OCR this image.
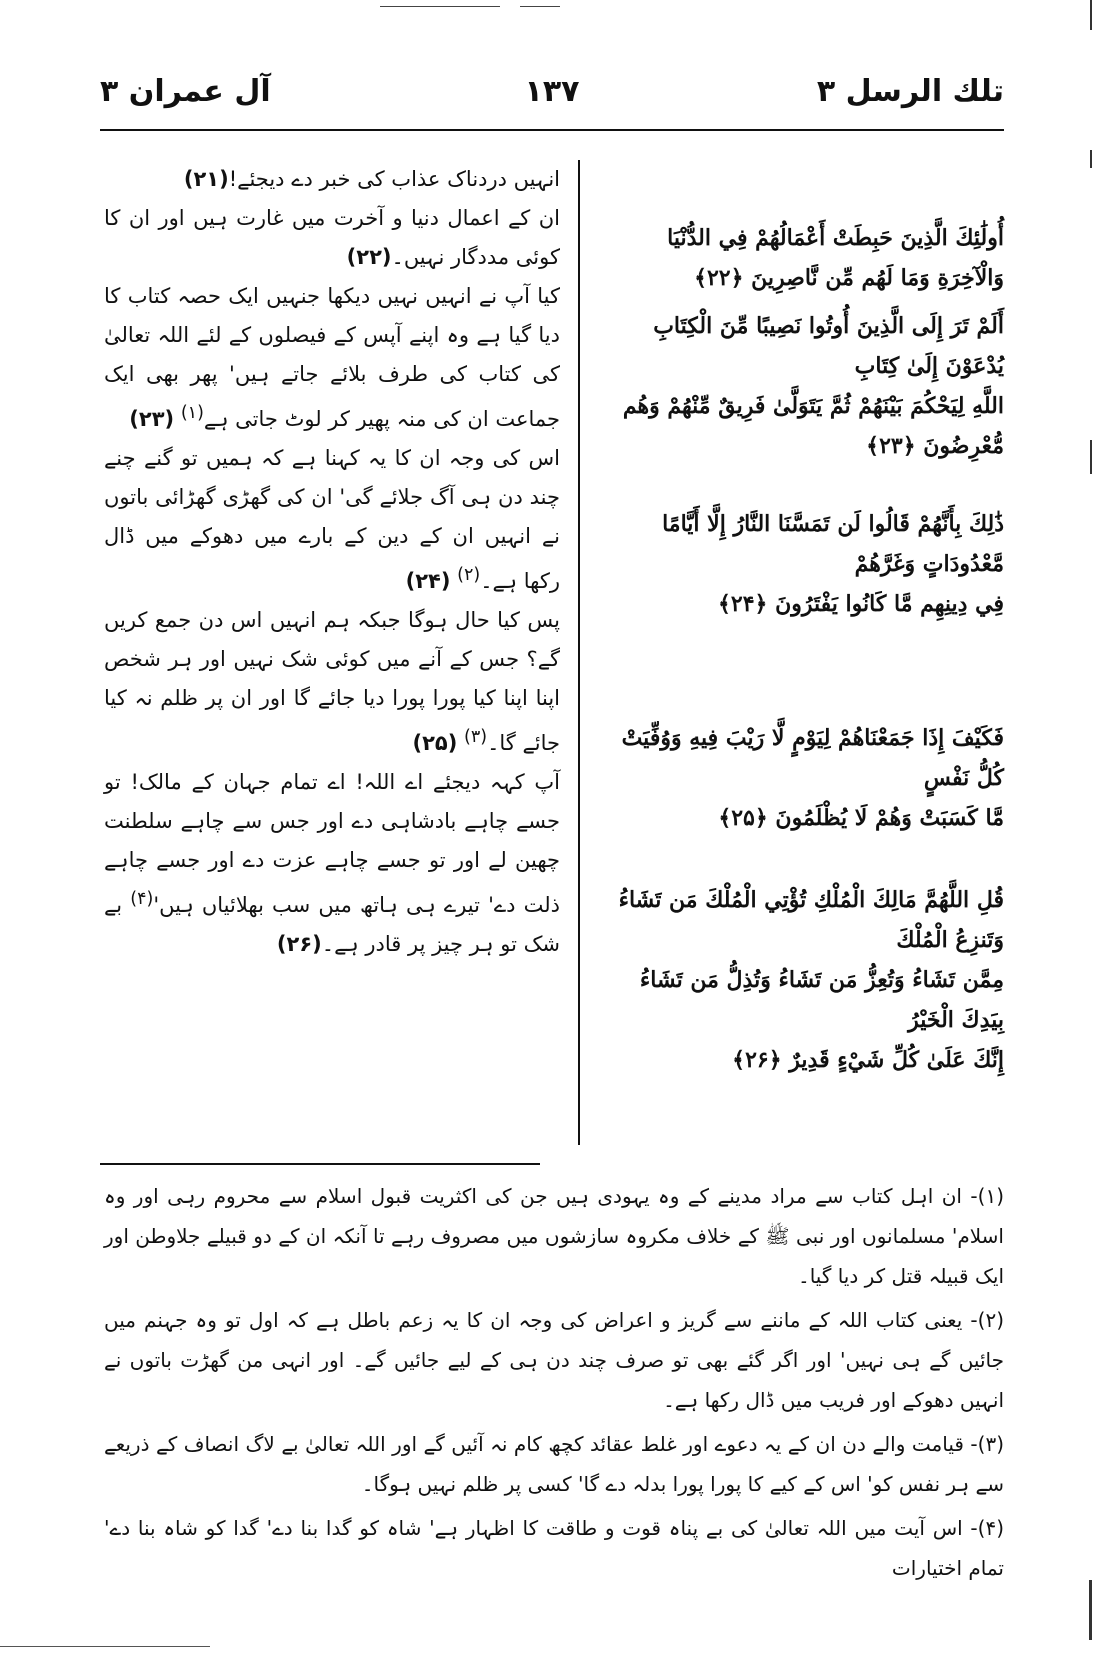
آل عمران ۳	۱۳۷	تلك الرسل ۳
أُولَٰئِكَ الَّذِينَ حَبِطَتْ أَعْمَالُهُمْ فِي الدُّنْيَا
وَالْآخِرَةِ وَمَا لَهُم مِّن نَّاصِرِينَ ﴿۲۲﴾
أَلَمْ تَرَ إِلَى الَّذِينَ أُوتُوا نَصِيبًا مِّنَ الْكِتَابِ يُدْعَوْنَ إِلَىٰ كِتَابِ
اللَّهِ لِيَحْكُمَ بَيْنَهُمْ ثُمَّ يَتَوَلَّىٰ فَرِيقٌ مِّنْهُمْ وَهُم مُّعْرِضُونَ ﴿۲۳﴾
ذَٰلِكَ بِأَنَّهُمْ قَالُوا لَن تَمَسَّنَا النَّارُ إِلَّا أَيَّامًا مَّعْدُودَاتٍ وَغَرَّهُمْ
فِي دِينِهِم مَّا كَانُوا يَفْتَرُونَ ﴿۲۴﴾
فَكَيْفَ إِذَا جَمَعْنَاهُمْ لِيَوْمٍ لَّا رَيْبَ فِيهِ وَوُفِّيَتْ كُلُّ نَفْسٍ
مَّا كَسَبَتْ وَهُمْ لَا يُظْلَمُونَ ﴿۲۵﴾
قُلِ اللَّهُمَّ مَالِكَ الْمُلْكِ تُؤْتِي الْمُلْكَ مَن تَشَاءُ وَتَنزِعُ الْمُلْكَ
مِمَّن تَشَاءُ وَتُعِزُّ مَن تَشَاءُ وَتُذِلُّ مَن تَشَاءُ بِيَدِكَ الْخَيْرُ
إِنَّكَ عَلَىٰ كُلِّ شَيْءٍ قَدِيرٌ ﴿۲۶﴾

انہیں دردناک عذاب کی خبر دے دیجئے!(۲۱)

ان کے اعمال دنیا و آخرت میں غارت ہیں اور ان کا کوئی مددگار نہیں۔(۲۲)

کیا آپ نے انہیں نہیں دیکھا جنہیں ایک حصہ کتاب کا دیا گیا ہے وہ اپنے آپس کے فیصلوں کے لئے اللہ تعالیٰ کی کتاب کی طرف بلائے جاتے ہیں' پھر بھی ایک جماعت ان کی منہ پھیر کر لوٹ جاتی ہے$^{(۱)}$ (۲۳)

اس کی وجہ ان کا یہ کہنا ہے کہ ہمیں تو گنے چنے چند دن ہی آگ جلائے گی' ان کی گھڑی گھڑائی باتوں نے انہیں ان کے دین کے بارے میں دھوکے میں ڈال رکھا ہے۔$^{(۲)}$ (۲۴)

پس کیا حال ہوگا جبکہ ہم انہیں اس دن جمع کریں گے؟ جس کے آنے میں کوئی شک نہیں اور ہر شخص اپنا اپنا کیا پورا پورا دیا جائے گا اور ان پر ظلم نہ کیا جائے گا۔$^{(۳)}$ (۲۵)

آپ کہہ دیجئے اے اللہ! اے تمام جہان کے مالک! تو جسے چاہے بادشاہی دے اور جس سے چاہے سلطنت چھین لے اور تو جسے چاہے عزت دے اور جسے چاہے ذلت دے' تیرے ہی ہاتھ میں سب بھلائیاں $ہیں'^{(۴)}$ بے شک تو ہر چیز پر قادر ہے۔(۲۶)

(۱)- ان اہل کتاب سے مراد مدینے کے وہ یہودی ہیں جن کی اکثریت قبول اسلام سے محروم رہی اور وہ اسلام' مسلمانوں اور نبی ﷺ کے خلاف مکروہ سازشوں میں مصروف رہے تا آنکہ ان کے دو قبیلے جلاوطن اور ایک قبیلہ قتل کر دیا گیا۔

(۲)- یعنی کتاب اللہ کے ماننے سے گریز و اعراض کی وجہ ان کا یہ زعم باطل ہے کہ اول تو وہ جہنم میں جائیں گے ہی نہیں' اور اگر گئے بھی تو صرف چند دن ہی کے لیے جائیں گے۔ اور انہی من گھڑت باتوں نے انہیں دھوکے اور فریب میں ڈال رکھا ہے۔

(۳)- قیامت والے دن ان کے یہ دعوے اور غلط عقائد کچھ کام نہ آئیں گے اور اللہ تعالیٰ بے لاگ انصاف کے ذریعے سے ہر نفس کو' اس کے کیے کا پورا پورا بدلہ دے گا' کسی پر ظلم نہیں ہوگا۔

(۴)- اس آیت میں اللہ تعالیٰ کی بے پناہ قوت و طاقت کا اظہار ہے' شاہ کو گدا بنا دے' گدا کو شاہ بنا دے' تمام اختیارات
